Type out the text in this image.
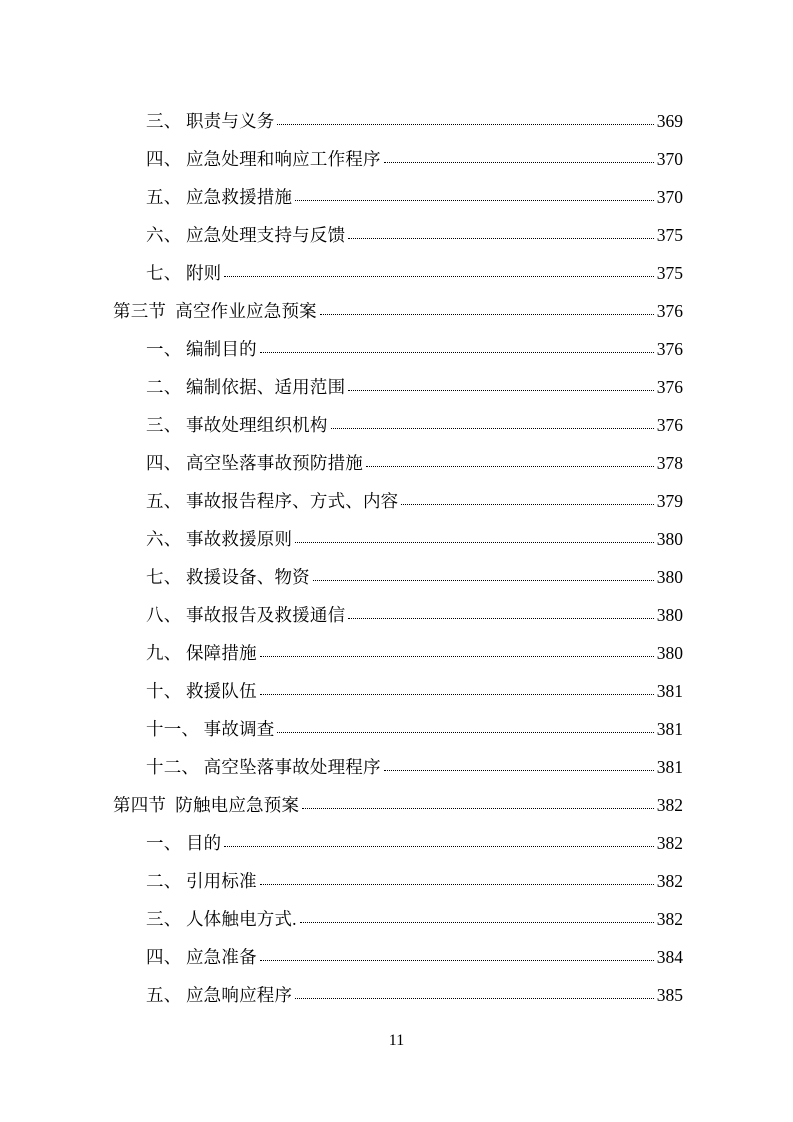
三、 职责与义务	369
四、 应急处理和响应工作程序	370
五、 应急救援措施	370
六、 应急处理支持与反馈	375
七、 附则	375
第三节  高空作业应急预案	376
一、 编制目的	376
二、 编制依据、适用范围	376
三、 事故处理组织机构	376
四、 高空坠落事故预防措施	378
五、 事故报告程序、方式、内容	379
六、 事故救援原则	380
七、 救援设备、物资	380
八、 事故报告及救援通信	380
九、 保障措施	380
十、 救援队伍	381
十一、 事故调查	381
十二、 高空坠落事故处理程序	381
第四节  防触电应急预案	382
一、 目的	382
二、 引用标准	382
三、 人体触电方式.	382
四、 应急准备	384
五、 应急响应程序	385
11
